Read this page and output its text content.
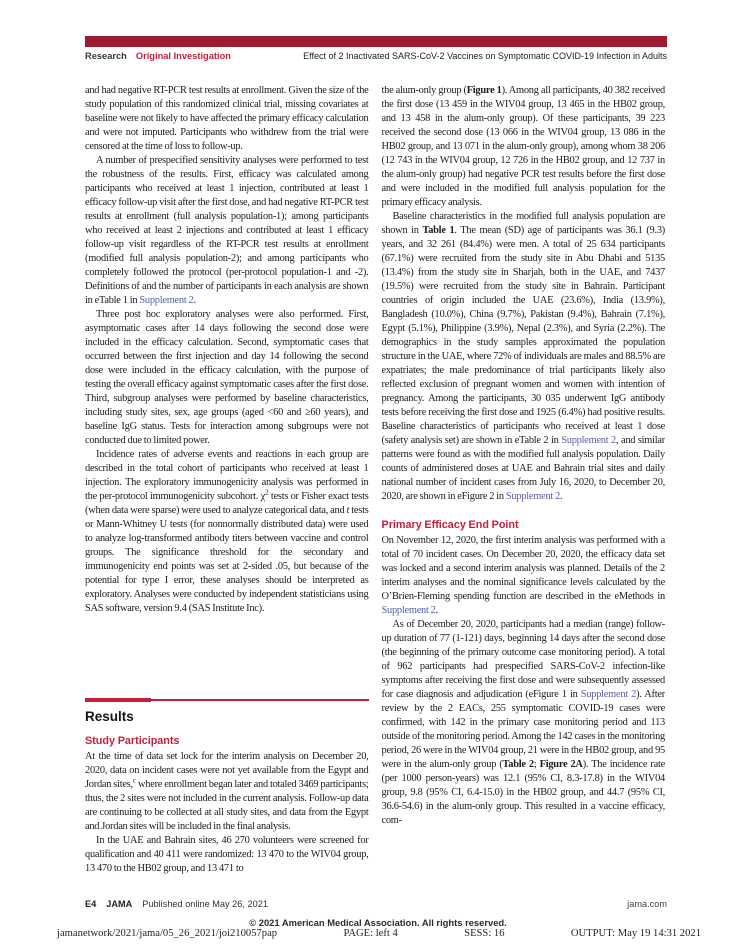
Research Original Investigation	Effect of 2 Inactivated SARS-CoV-2 Vaccines on Symptomatic COVID-19 Infection in Adults

and had negative RT-PCR test results at enrollment. Given the size of the study population of this randomized clinical trial, missing covariates at baseline were not likely to have affected the primary efficacy calculation and were not imputed. Participants who withdrew from the trial were censored at the time of loss to follow-up.

A number of prespecified sensitivity analyses were performed to test the robustness of the results. First, efficacy was calculated among participants who received at least 1 injection, contributed at least 1 efficacy follow-up visit after the first dose, and had negative RT-PCR test results at enrollment (full analysis population-1); among participants who received at least 2 injections and contributed at least 1 efficacy follow-up visit regardless of the RT-PCR test results at enrollment (modified full analysis population-2); and among participants who completely followed the protocol (per-protocol population-1 and -2). Definitions of and the number of participants in each analysis are shown in eTable 1 in Supplement 2.

Three post hoc exploratory analyses were also performed. First, asymptomatic cases after 14 days following the second dose were included in the efficacy calculation. Second, symptomatic cases that occurred between the first injection and day 14 following the second dose were included in the efficacy calculation, with the purpose of testing the overall efficacy against symptomatic cases after the first dose. Third, subgroup analyses were performed by baseline characteristics, including study sites, sex, age groups (aged <60 and ≥60 years), and baseline IgG status. Tests for interaction among subgroups were not conducted due to limited power.

Incidence rates of adverse events and reactions in each group are described in the total cohort of participants who received at least 1 injection. The exploratory immunogenicity analysis was performed in the per-protocol immunogenicity subcohort. $\chi^2$ tests or Fisher exact tests (when data were sparse) were used to analyze categorical data, and t tests or Mann-Whitney U tests (for nonnormally distributed data) were used to analyze log-transformed antibody titers between vaccine and control groups. The significance threshold for the secondary and immunogenicity end points was set at 2-sided .05, but because of the potential for type I error, these analyses should be interpreted as exploratory. Analyses were conducted by independent statisticians using SAS software, version 9.4 (SAS Institute Inc).

Results
Study Participants

At the time of data set lock for the interim analysis on December 20, 2020, data on incident cases were not yet available from the Egypt and Jordan sites,$^c$ where enrollment began later and totaled 3469 participants; thus, the 2 sites were not included in the current analysis. Follow-up data are continuing to be collected at all study sites, and data from the Egypt and Jordan sites will be included in the final analysis.

In the UAE and Bahrain sites, 46 270 volunteers were screened for qualification and 40 411 were randomized: 13 470 to the WIV04 group, 13 470 to the HB02 group, and 13 471 to

the alum-only group (Figure 1). Among all participants, 40 382 received the first dose (13 459 in the WIV04 group, 13 465 in the HB02 group, and 13 458 in the alum-only group). Of these participants, 39 223 received the second dose (13 066 in the WIV04 group, 13 086 in the HB02 group, and 13 071 in the alum-only group), among whom 38 206 (12 743 in the WIV04 group, 12 726 in the HB02 group, and 12 737 in the alum-only group) had negative PCR test results before the first dose and were included in the modified full analysis population for the primary efficacy analysis.

Baseline characteristics in the modified full analysis population are shown in Table 1. The mean (SD) age of participants was 36.1 (9.3) years, and 32 261 (84.4%) were men. A total of 25 634 participants (67.1%) were recruited from the study site in Abu Dhabi and 5135 (13.4%) from the study site in Sharjah, both in the UAE, and 7437 (19.5%) were recruited from the study site in Bahrain. Participant countries of origin included the UAE (23.6%), India (13.9%), Bangladesh (10.0%), China (9.7%), Pakistan (9.4%), Bahrain (7.1%), Egypt (5.1%), Philippine (3.9%), Nepal (2.3%), and Syria (2.2%). The demographics in the study samples approximated the population structure in the UAE, where 72% of individuals are males and 88.5% are expatriates; the male predominance of trial participants likely also reflected exclusion of pregnant women and women with intention of pregnancy. Among the participants, 30 035 underwent IgG antibody tests before receiving the first dose and 1925 (6.4%) had positive results. Baseline characteristics of participants who received at least 1 dose (safety analysis set) are shown in eTable 2 in Supplement 2, and similar patterns were found as with the modified full analysis population. Daily counts of administered doses at UAE and Bahrain trial sites and daily national number of incident cases from July 16, 2020, to December 20, 2020, are shown in eFigure 2 in Supplement 2.

Primary Efficacy End Point

On November 12, 2020, the first interim analysis was performed with a total of 70 incident cases. On December 20, 2020, the efficacy data set was locked and a second interim analysis was planned. Details of the 2 interim analyses and the nominal significance levels calculated by the O’Brien-Fleming spending function are described in the eMethods in Supplement 2.

As of December 20, 2020, participants had a median (range) follow-up duration of 77 (1-121) days, beginning 14 days after the second dose (the beginning of the primary outcome case monitoring period). A total of 962 participants had prespecified SARS-CoV-2 infection-like symptoms after receiving the first dose and were subsequently assessed for case diagnosis and adjudication (eFigure 1 in Supplement 2). After review by the 2 EACs, 255 symptomatic COVID-19 cases were confirmed, with 142 in the primary case monitoring period and 113 outside of the monitoring period. Among the 142 cases in the monitoring period, 26 were in the WIV04 group, 21 were in the HB02 group, and 95 were in the alum-only group (Table 2; Figure 2A). The incidence rate (per 1000 person-years) was 12.1 (95% CI, 8.3-17.8) in the WIV04 group, 9.8 (95% CI, 6.4-15.0) in the HB02 group, and 44.7 (95% CI, 36.6-54.6) in the alum-only group. This resulted in a vaccine efficacy, com-

E4 JAMA Published online May 26, 2021	jama.com
© 2021 American Medical Association. All rights reserved.
jamanetwork/2021/jama/05_26_2021/joi210057pap	PAGE: left 4	SESS: 16	OUTPUT: May 19 14:31 2021
